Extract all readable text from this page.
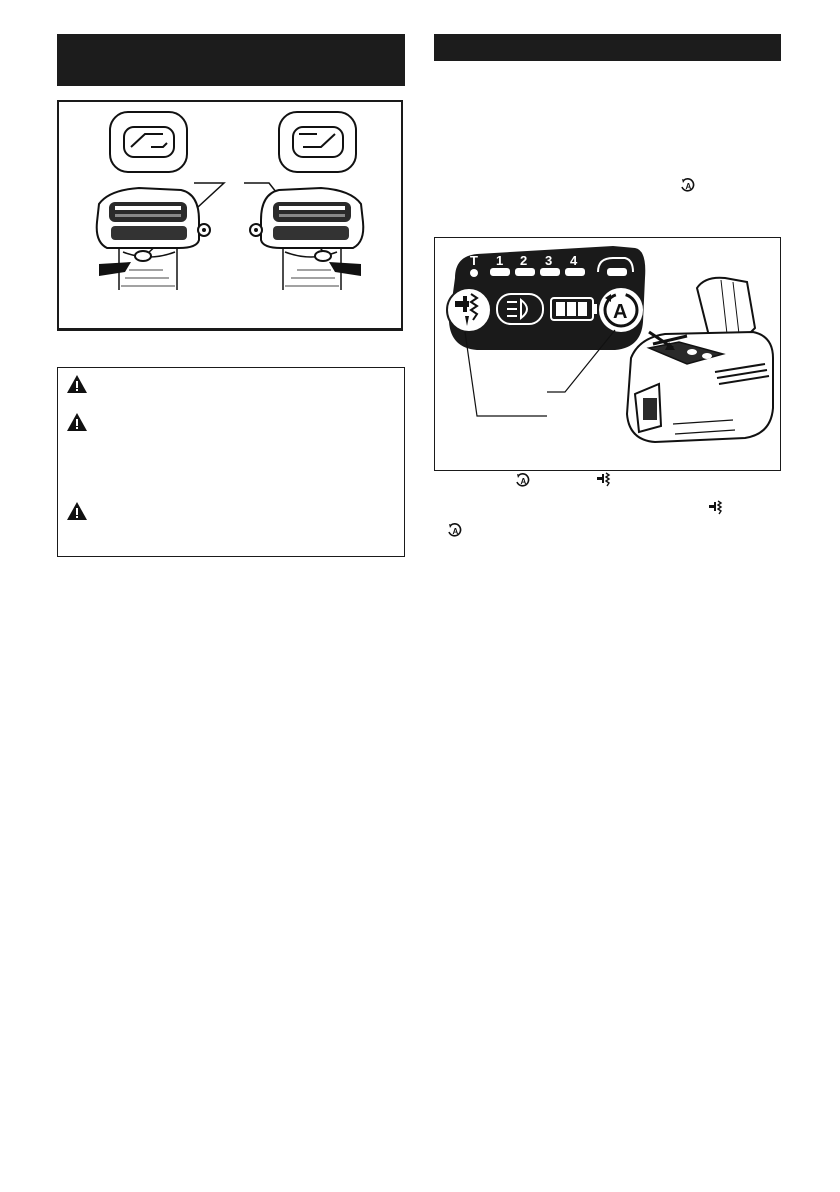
A
T 1 2 3 4
A
A
A
